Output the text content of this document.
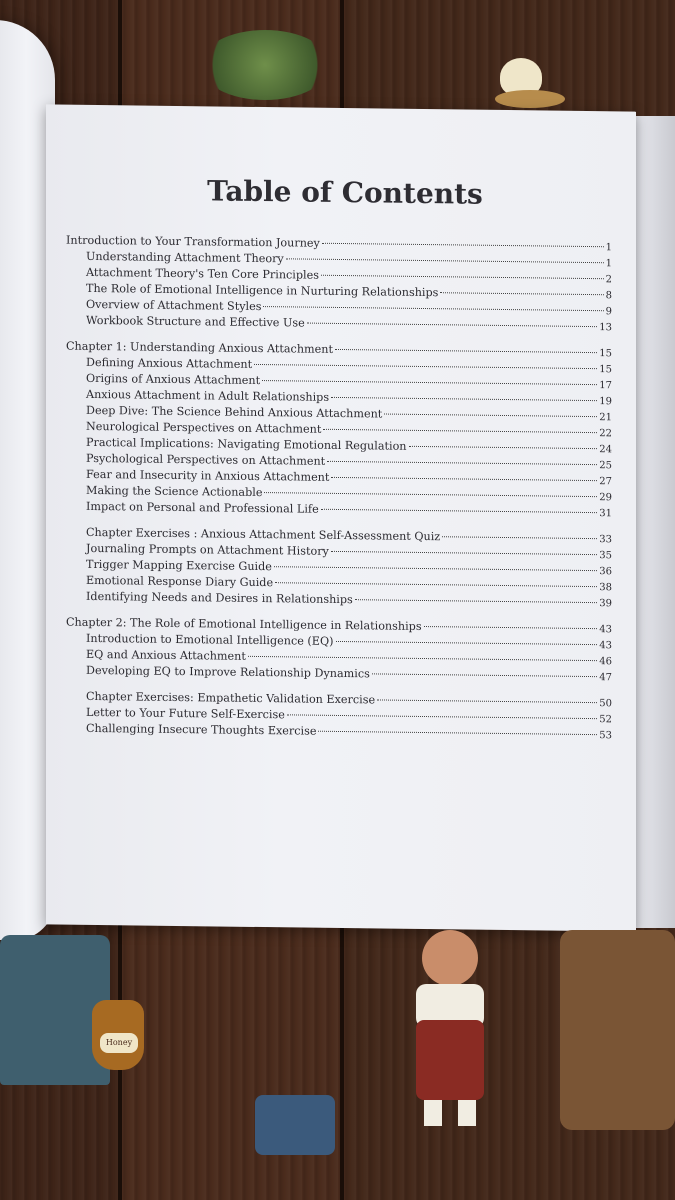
Table of Contents
Introduction to Your Transformation Journey	1
Understanding Attachment Theory	1
Attachment Theory's Ten Core Principles	2
The Role of Emotional Intelligence in Nurturing Relationships	8
Overview of Attachment Styles	9
Workbook Structure and Effective Use	13
Chapter 1: Understanding Anxious Attachment	15
Defining Anxious Attachment	15
Origins of Anxious Attachment	17
Anxious Attachment in Adult Relationships	19
Deep Dive: The Science Behind Anxious Attachment	21
Neurological Perspectives on Attachment	22
Practical Implications: Navigating Emotional Regulation	24
Psychological Perspectives on Attachment	25
Fear and Insecurity in Anxious Attachment	27
Making the Science Actionable	29
Impact on Personal and Professional Life	31
Chapter Exercises : Anxious Attachment Self-Assessment Quiz	33
Journaling Prompts on Attachment History	35
Trigger Mapping Exercise Guide	36
Emotional Response Diary Guide	38
Identifying Needs and Desires in Relationships	39
Chapter 2: The Role of Emotional Intelligence in Relationships	43
Introduction to Emotional Intelligence (EQ)	43
EQ and Anxious Attachment	46
Developing EQ to Improve Relationship Dynamics	47
Chapter Exercises: Empathetic Validation Exercise	50
Letter to Your Future Self-Exercise	52
Challenging Insecure Thoughts Exercise	53
Honey
